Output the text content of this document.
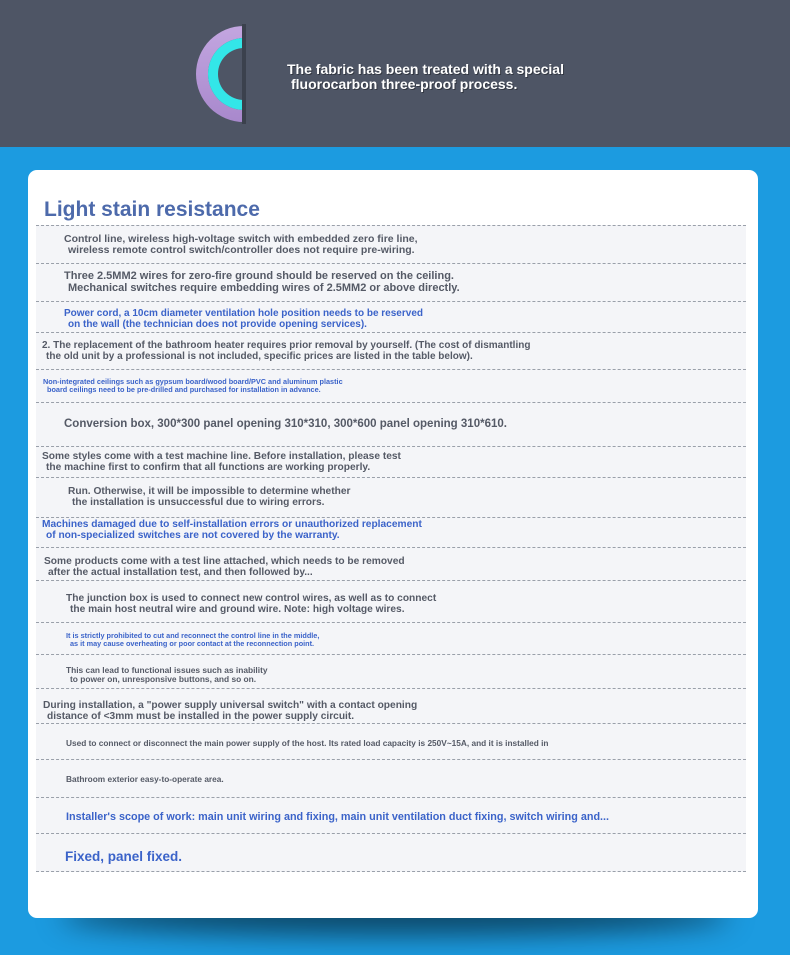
The fabric has been treated with a special
fluorocarbon three-proof process.
Light stain resistance
Control line, wireless high-voltage switch with embedded zero fire line,
wireless remote control switch/controller does not require pre-wiring.
Three 2.5MM2 wires for zero-fire ground should be reserved on the ceiling.
Mechanical switches require embedding wires of 2.5MM2 or above directly.
Power cord, a 10cm diameter ventilation hole position needs to be reserved
on the wall (the technician does not provide opening services).
2. The replacement of the bathroom heater requires prior removal by yourself. (The cost of dismantling
the old unit by a professional is not included, specific prices are listed in the table below).
Non-integrated ceilings such as gypsum board/wood board/PVC and aluminum plastic
board ceilings need to be pre-drilled and purchased for installation in advance.
Conversion box, 300*300 panel opening 310*310, 300*600 panel opening 310*610.
Some styles come with a test machine line. Before installation, please test
the machine first to confirm that all functions are working properly.
Run. Otherwise, it will be impossible to determine whether
the installation is unsuccessful due to wiring errors.
Machines damaged due to self-installation errors or unauthorized replacement
of non-specialized switches are not covered by the warranty.
Some products come with a test line attached, which needs to be removed
after the actual installation test, and then followed by...
The junction box is used to connect new control wires, as well as to connect
the main host neutral wire and ground wire. Note: high voltage wires.
It is strictly prohibited to cut and reconnect the control line in the middle,
as it may cause overheating or poor contact at the reconnection point.
This can lead to functional issues such as inability
to power on, unresponsive buttons, and so on.
During installation, a "power supply universal switch" with a contact opening
distance of <3mm must be installed in the power supply circuit.
Used to connect or disconnect the main power supply of the host. Its rated load capacity is 250V~15A, and it is installed in
Bathroom exterior easy-to-operate area.
Installer's scope of work: main unit wiring and fixing, main unit ventilation duct fixing, switch wiring and...
Fixed, panel fixed.
